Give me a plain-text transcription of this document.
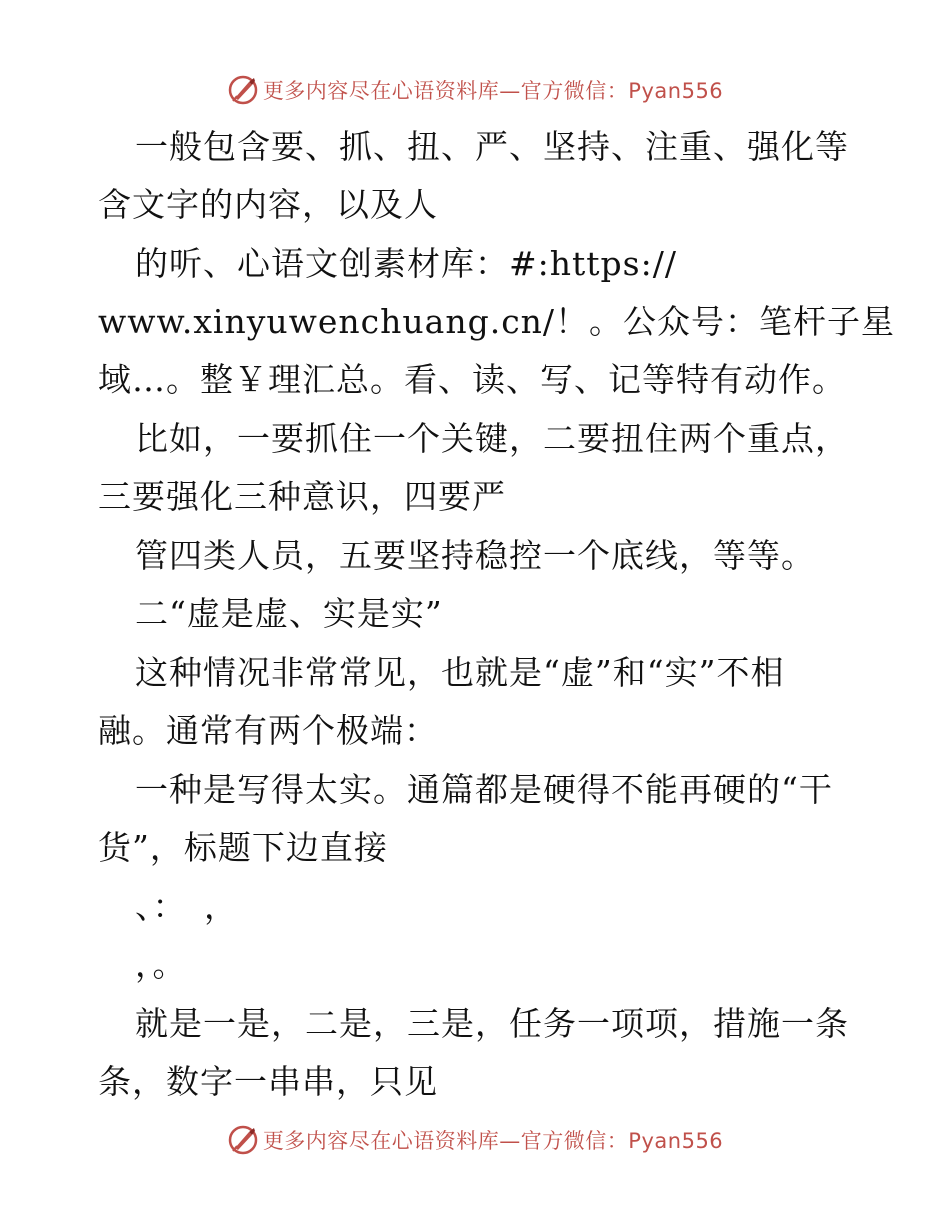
更多内容尽在心语资料库—官方微信：Pyan556
一般包含要、抓、扭、严、坚持、注重、强化等
含文字的内容，以及人
的听、心语文创素材库：#:https://
www.xinyuwenchuang.cn/！。公众号：笔杆子星
域…。整￥理汇总。看、读、写、记等特有动作。
比如，一要抓住一个关键，二要扭住两个重点，
三要强化三种意识，四要严
管四类人员，五要坚持稳控一个底线，等等。
二“虚是虚、实是实”
这种情况非常常见，也就是“虚”和“实”不相
融。通常有两个极端：
一种是写得太实。通篇都是硬得不能再硬的“干
货”，标题下边直接
、：　，
，。
就是一是，二是，三是，任务一项项，措施一条
条，数字一串串，只见
更多内容尽在心语资料库—官方微信：Pyan556
